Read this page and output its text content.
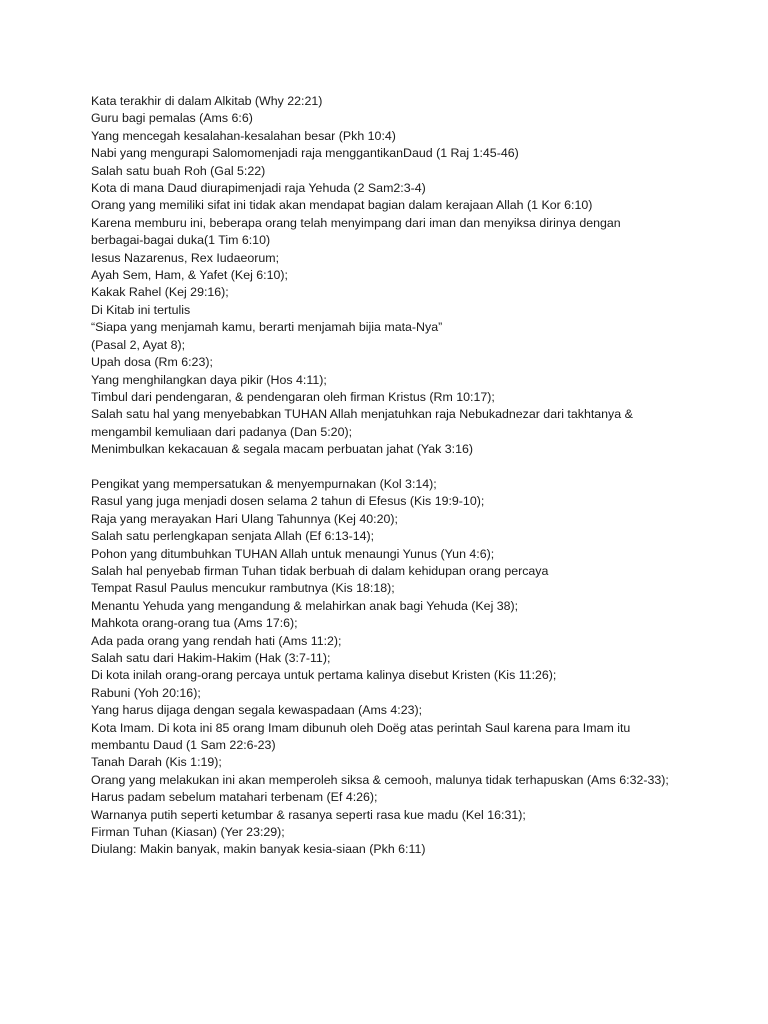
Kata terakhir di dalam Alkitab (Why 22:21)
Guru bagi pemalas (Ams 6:6)
Yang mencegah kesalahan-kesalahan besar (Pkh 10:4)
Nabi yang mengurapi Salomomenjadi raja menggantikanDaud (1 Raj 1:45-46)
Salah satu buah Roh (Gal 5:22)
Kota di mana Daud diurapimenjadi raja Yehuda (2 Sam2:3-4)
Orang yang memiliki sifat ini tidak akan mendapat bagian dalam kerajaan Allah (1 Kor 6:10)
Karena memburu ini, beberapa orang telah menyimpang dari iman dan menyiksa dirinya dengan
berbagai-bagai duka(1 Tim 6:10)
Iesus Nazarenus, Rex Iudaeorum;
Ayah Sem, Ham, & Yafet (Kej 6:10);
Kakak Rahel (Kej 29:16);
Di Kitab ini tertulis
“Siapa yang menjamah kamu, berarti menjamah bijia mata-Nya”
(Pasal 2, Ayat 8);
Upah dosa (Rm 6:23);
Yang menghilangkan daya pikir (Hos 4:11);
Timbul dari pendengaran, & pendengaran oleh firman Kristus (Rm 10:17);
Salah satu hal yang menyebabkan TUHAN Allah menjatuhkan raja Nebukadnezar dari takhtanya &
mengambil kemuliaan dari padanya (Dan 5:20);
Menimbulkan kekacauan & segala macam perbuatan jahat (Yak 3:16)
Pengikat yang mempersatukan & menyempurnakan (Kol 3:14);
Rasul yang juga menjadi dosen selama 2 tahun di Efesus (Kis 19:9-10);
Raja yang merayakan Hari Ulang Tahunnya (Kej 40:20);
Salah satu perlengkapan senjata Allah (Ef 6:13-14);
Pohon yang ditumbuhkan TUHAN Allah untuk menaungi Yunus (Yun 4:6);
Salah hal penyebab firman Tuhan tidak berbuah di dalam kehidupan orang percaya
Tempat Rasul Paulus mencukur rambutnya (Kis 18:18);
Menantu Yehuda yang mengandung & melahirkan anak bagi Yehuda (Kej 38);
Mahkota orang-orang tua (Ams 17:6);
Ada pada orang yang rendah hati (Ams 11:2);
Salah satu dari Hakim-Hakim (Hak (3:7-11);
Di kota inilah orang-orang percaya untuk pertama kalinya disebut Kristen (Kis 11:26);
Rabuni (Yoh 20:16);
Yang harus dijaga dengan segala kewaspadaan (Ams 4:23);
Kota Imam. Di kota ini 85 orang Imam dibunuh oleh Doëg atas perintah Saul karena para Imam itu
membantu Daud (1 Sam 22:6-23)
Tanah Darah (Kis 1:19);
Orang yang melakukan ini akan memperoleh siksa & cemooh, malunya tidak terhapuskan (Ams 6:32-33);
Harus padam sebelum matahari terbenam (Ef 4:26);
Warnanya putih seperti ketumbar & rasanya seperti rasa kue madu (Kel 16:31);
Firman Tuhan (Kiasan) (Yer 23:29);
Diulang: Makin banyak, makin banyak kesia-siaan (Pkh 6:11)
